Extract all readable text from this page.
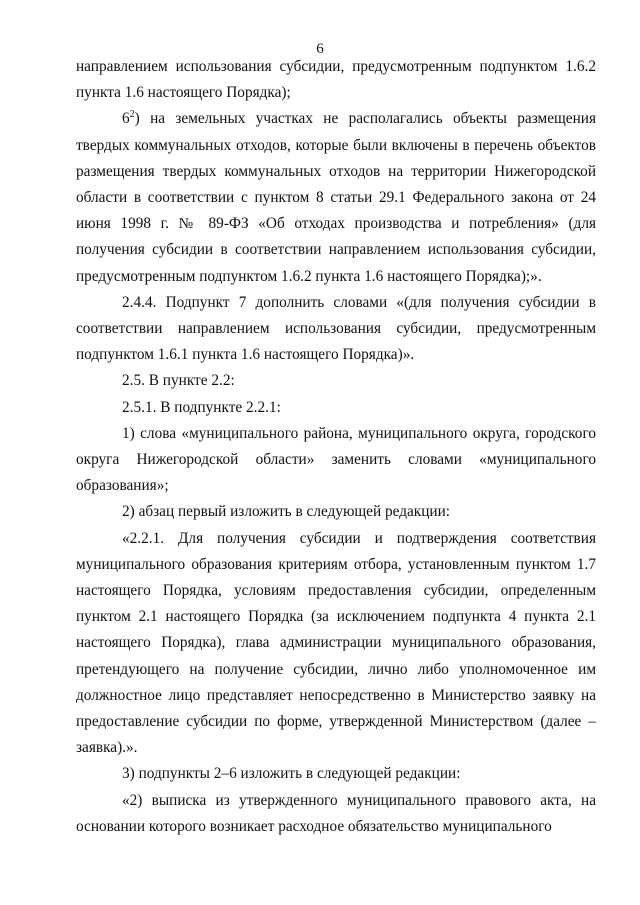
6

направлением использования субсидии, предусмотренным подпунктом 1.6.2 пункта 1.6 настоящего Порядка);

$6^2$) на земельных участках не располагались объекты размещения твердых коммунальных отходов, которые были включены в перечень объектов размещения твердых коммунальных отходов на территории Нижегородской области в соответствии с пунктом 8 статьи 29.1 Федерального закона от 24 июня 1998 г. № 89-ФЗ «Об отходах производства и потребления» (для получения субсидии в соответствии направлением использования субсидии, предусмотренным подпунктом 1.6.2 пункта 1.6 настоящего Порядка);».

2.4.4. Подпункт 7 дополнить словами «(для получения субсидии в соответствии направлением использования субсидии, предусмотренным подпунктом 1.6.1 пункта 1.6 настоящего Порядка)».

2.5. В пункте 2.2:

2.5.1. В подпункте 2.2.1:

1) слова «муниципального района, муниципального округа, городского округа Нижегородской области» заменить словами «муниципального образования»;

2) абзац первый изложить в следующей редакции:

«2.2.1. Для получения субсидии и подтверждения соответствия муниципального образования критериям отбора, установленным пунктом 1.7 настоящего Порядка, условиям предоставления субсидии, определенным пунктом 2.1 настоящего Порядка (за исключением подпункта 4 пункта 2.1 настоящего Порядка), глава администрации муниципального образования, претендующего на получение субсидии, лично либо уполномоченное им должностное лицо представляет непосредственно в Министерство заявку на предоставление субсидии по форме, утвержденной Министерством (далее – заявка).».

3) подпункты 2–6 изложить в следующей редакции:

«2) выписка из утвержденного муниципального правового акта, на основании которого возникает расходное обязательство муниципального
